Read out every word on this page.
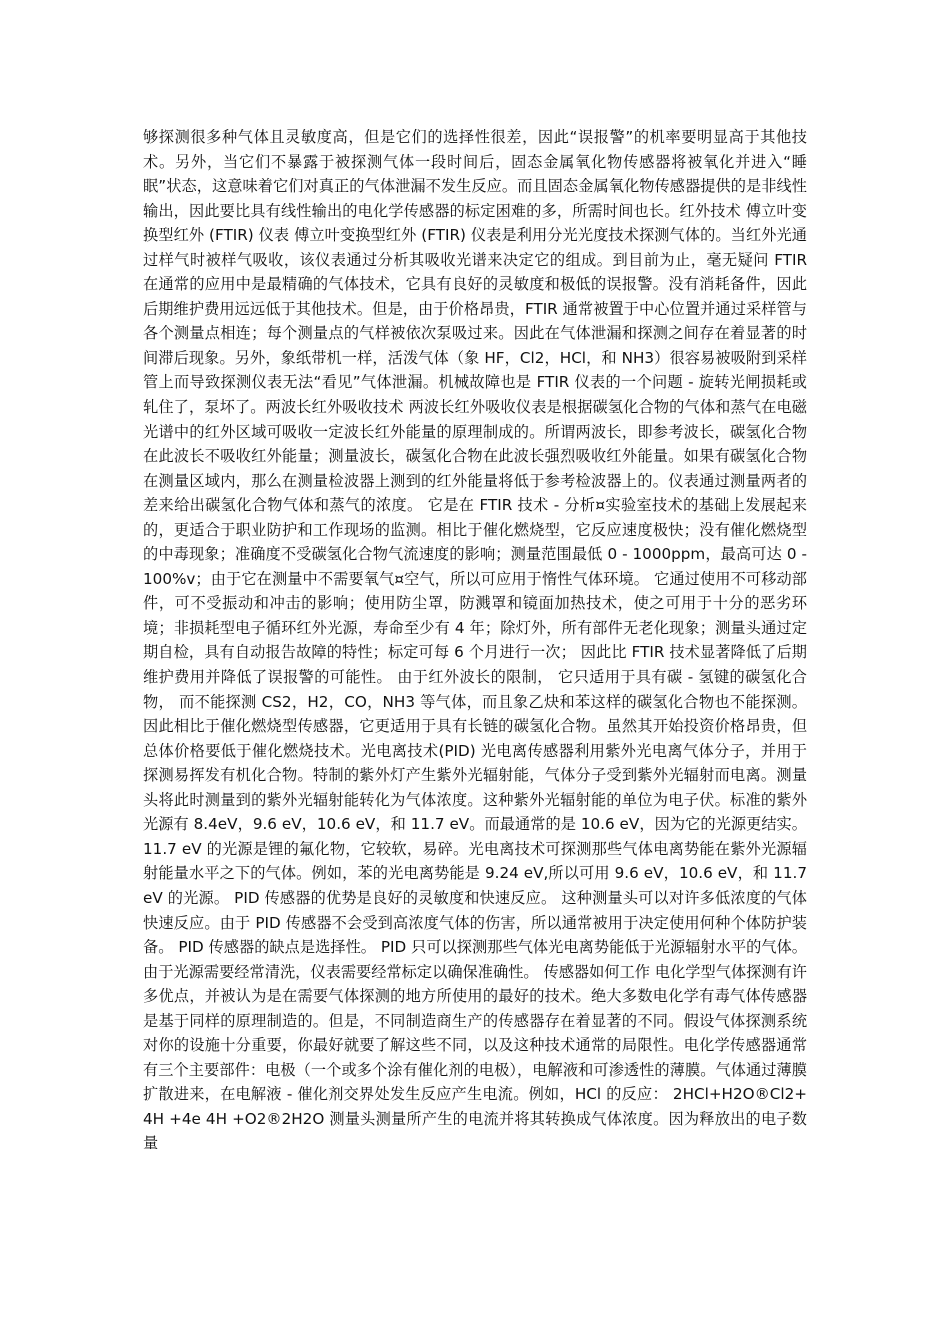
够探测很多种气体且灵敏度高，但是它们的选择性很差，因此“误报警”的机率要明显高于其他技术。另外，当它们不暴露于被探测气体一段时间后，固态金属氧化物传感器将被氧化并进入“睡眠”状态，这意味着它们对真正的气体泄漏不发生反应。而且固态金属氧化物传感器提供的是非线性输出，因此要比具有线性输出的电化学传感器的标定困难的多，所需时间也长。红外技术 傅立叶变换型红外 (FTIR) 仪表 傅立叶变换型红外 (FTIR) 仪表是利用分光光度技术探测气体的。当红外光通过样气时被样气吸收，该仪表通过分析其吸收光谱来决定它的组成。到目前为止，毫无疑问 FTIR 在通常的应用中是最精确的气体技术，它具有良好的灵敏度和极低的误报警。没有消耗备件，因此后期维护费用远远低于其他技术。但是，由于价格昂贵，FTIR 通常被置于中心位置并通过采样管与各个测量点相连；每个测量点的气样被依次泵吸过来。因此在气体泄漏和探测之间存在着显著的时间滞后现象。另外，象纸带机一样，活泼气体（象 HF，Cl2，HCl，和 NH3）很容易被吸附到采样管上而导致探测仪表无法“看见”气体泄漏。机械故障也是 FTIR 仪表的一个问题 - 旋转光闸损耗或轧住了，泵坏了。两波长红外吸收技术 两波长红外吸收仪表是根据碳氢化合物的气体和蒸气在电磁光谱中的红外区域可吸收一定波长红外能量的原理制成的。所谓两波长，即参考波长，碳氢化合物在此波长不吸收红外能量；测量波长，碳氢化合物在此波长强烈吸收红外能量。如果有碳氢化合物在测量区域内，那么在测量检波器上测到的红外能量将低于参考检波器上的。仪表通过测量两者的差来给出碳氢化合物气体和蒸气的浓度。 它是在 FTIR 技术 - 分析¤实验室技术的基础上发展起来的，更适合于职业防护和工作现场的监测。相比于催化燃烧型，它反应速度极快；没有催化燃烧型的中毒现象；准确度不受碳氢化合物气流速度的影响；测量范围最低 0 - 1000ppm，最高可达 0 -100%v；由于它在测量中不需要氧气¤空气，所以可应用于惰性气体环境。 它通过使用不可移动部件，可不受振动和冲击的影响；使用防尘罩，防溅罩和镜面加热技术，使之可用于十分的恶劣环境；非损耗型电子循环红外光源，寿命至少有 4 年；除灯外，所有部件无老化现象；测量头通过定期自检，具有自动报告故障的特性；标定可每 6 个月进行一次； 因此比 FTIR 技术显著降低了后期维护费用并降低了误报警的可能性。 由于红外波长的限制， 它只适用于具有碳 - 氢键的碳氢化合物， 而不能探测 CS2，H2，CO，NH3 等气体，而且象乙炔和苯这样的碳氢化合物也不能探测。因此相比于催化燃烧型传感器，它更适用于具有长链的碳氢化合物。虽然其开始投资价格昂贵，但总体价格要低于催化燃烧技术。光电离技术(PID) 光电离传感器利用紫外光电离气体分子，并用于探测易挥发有机化合物。特制的紫外灯产生紫外光辐射能，气体分子受到紫外光辐射而电离。测量头将此时测量到的紫外光辐射能转化为气体浓度。这种紫外光辐射能的单位为电子伏。标准的紫外光源有 8.4eV，9.6 eV，10.6 eV，和 11.7 eV。而最通常的是 10.6 eV，因为它的光源更结实。11.7 eV 的光源是锂的氟化物，它较软，易碎。光电离技术可探测那些气体电离势能在紫外光源辐射能量水平之下的气体。例如，苯的光电离势能是 9.24 eV,所以可用 9.6 eV，10.6 eV，和 11.7 eV 的光源。 PID 传感器的优势是良好的灵敏度和快速反应。 这种测量头可以对许多低浓度的气体快速反应。由于 PID 传感器不会受到高浓度气体的伤害，所以通常被用于决定使用何种个体防护装备。 PID 传感器的缺点是选择性。 PID 只可以探测那些气体光电离势能低于光源辐射水平的气体。由于光源需要经常清洗，仪表需要经常标定以确保准确性。 传感器如何工作 电化学型气体探测有许多优点，并被认为是在需要气体探测的地方所使用的最好的技术。绝大多数电化学有毒气体传感器是基于同样的原理制造的。但是，不同制造商生产的传感器存在着显著的不同。假设气体探测系统对你的设施十分重要，你最好就要了解这些不同，以及这种技术通常的局限性。电化学传感器通常有三个主要部件：电极（一个或多个涂有催化剂的电极），电解液和可渗透性的薄膜。气体通过薄膜扩散进来，在电解液 - 催化剂交界处发生反应产生电流。例如，HCl 的反应： 2HCl+H2O®Cl2+4H +4e 4H +O2®2H2O 测量头测量所产生的电流并将其转换成气体浓度。因为释放出的电子数量
